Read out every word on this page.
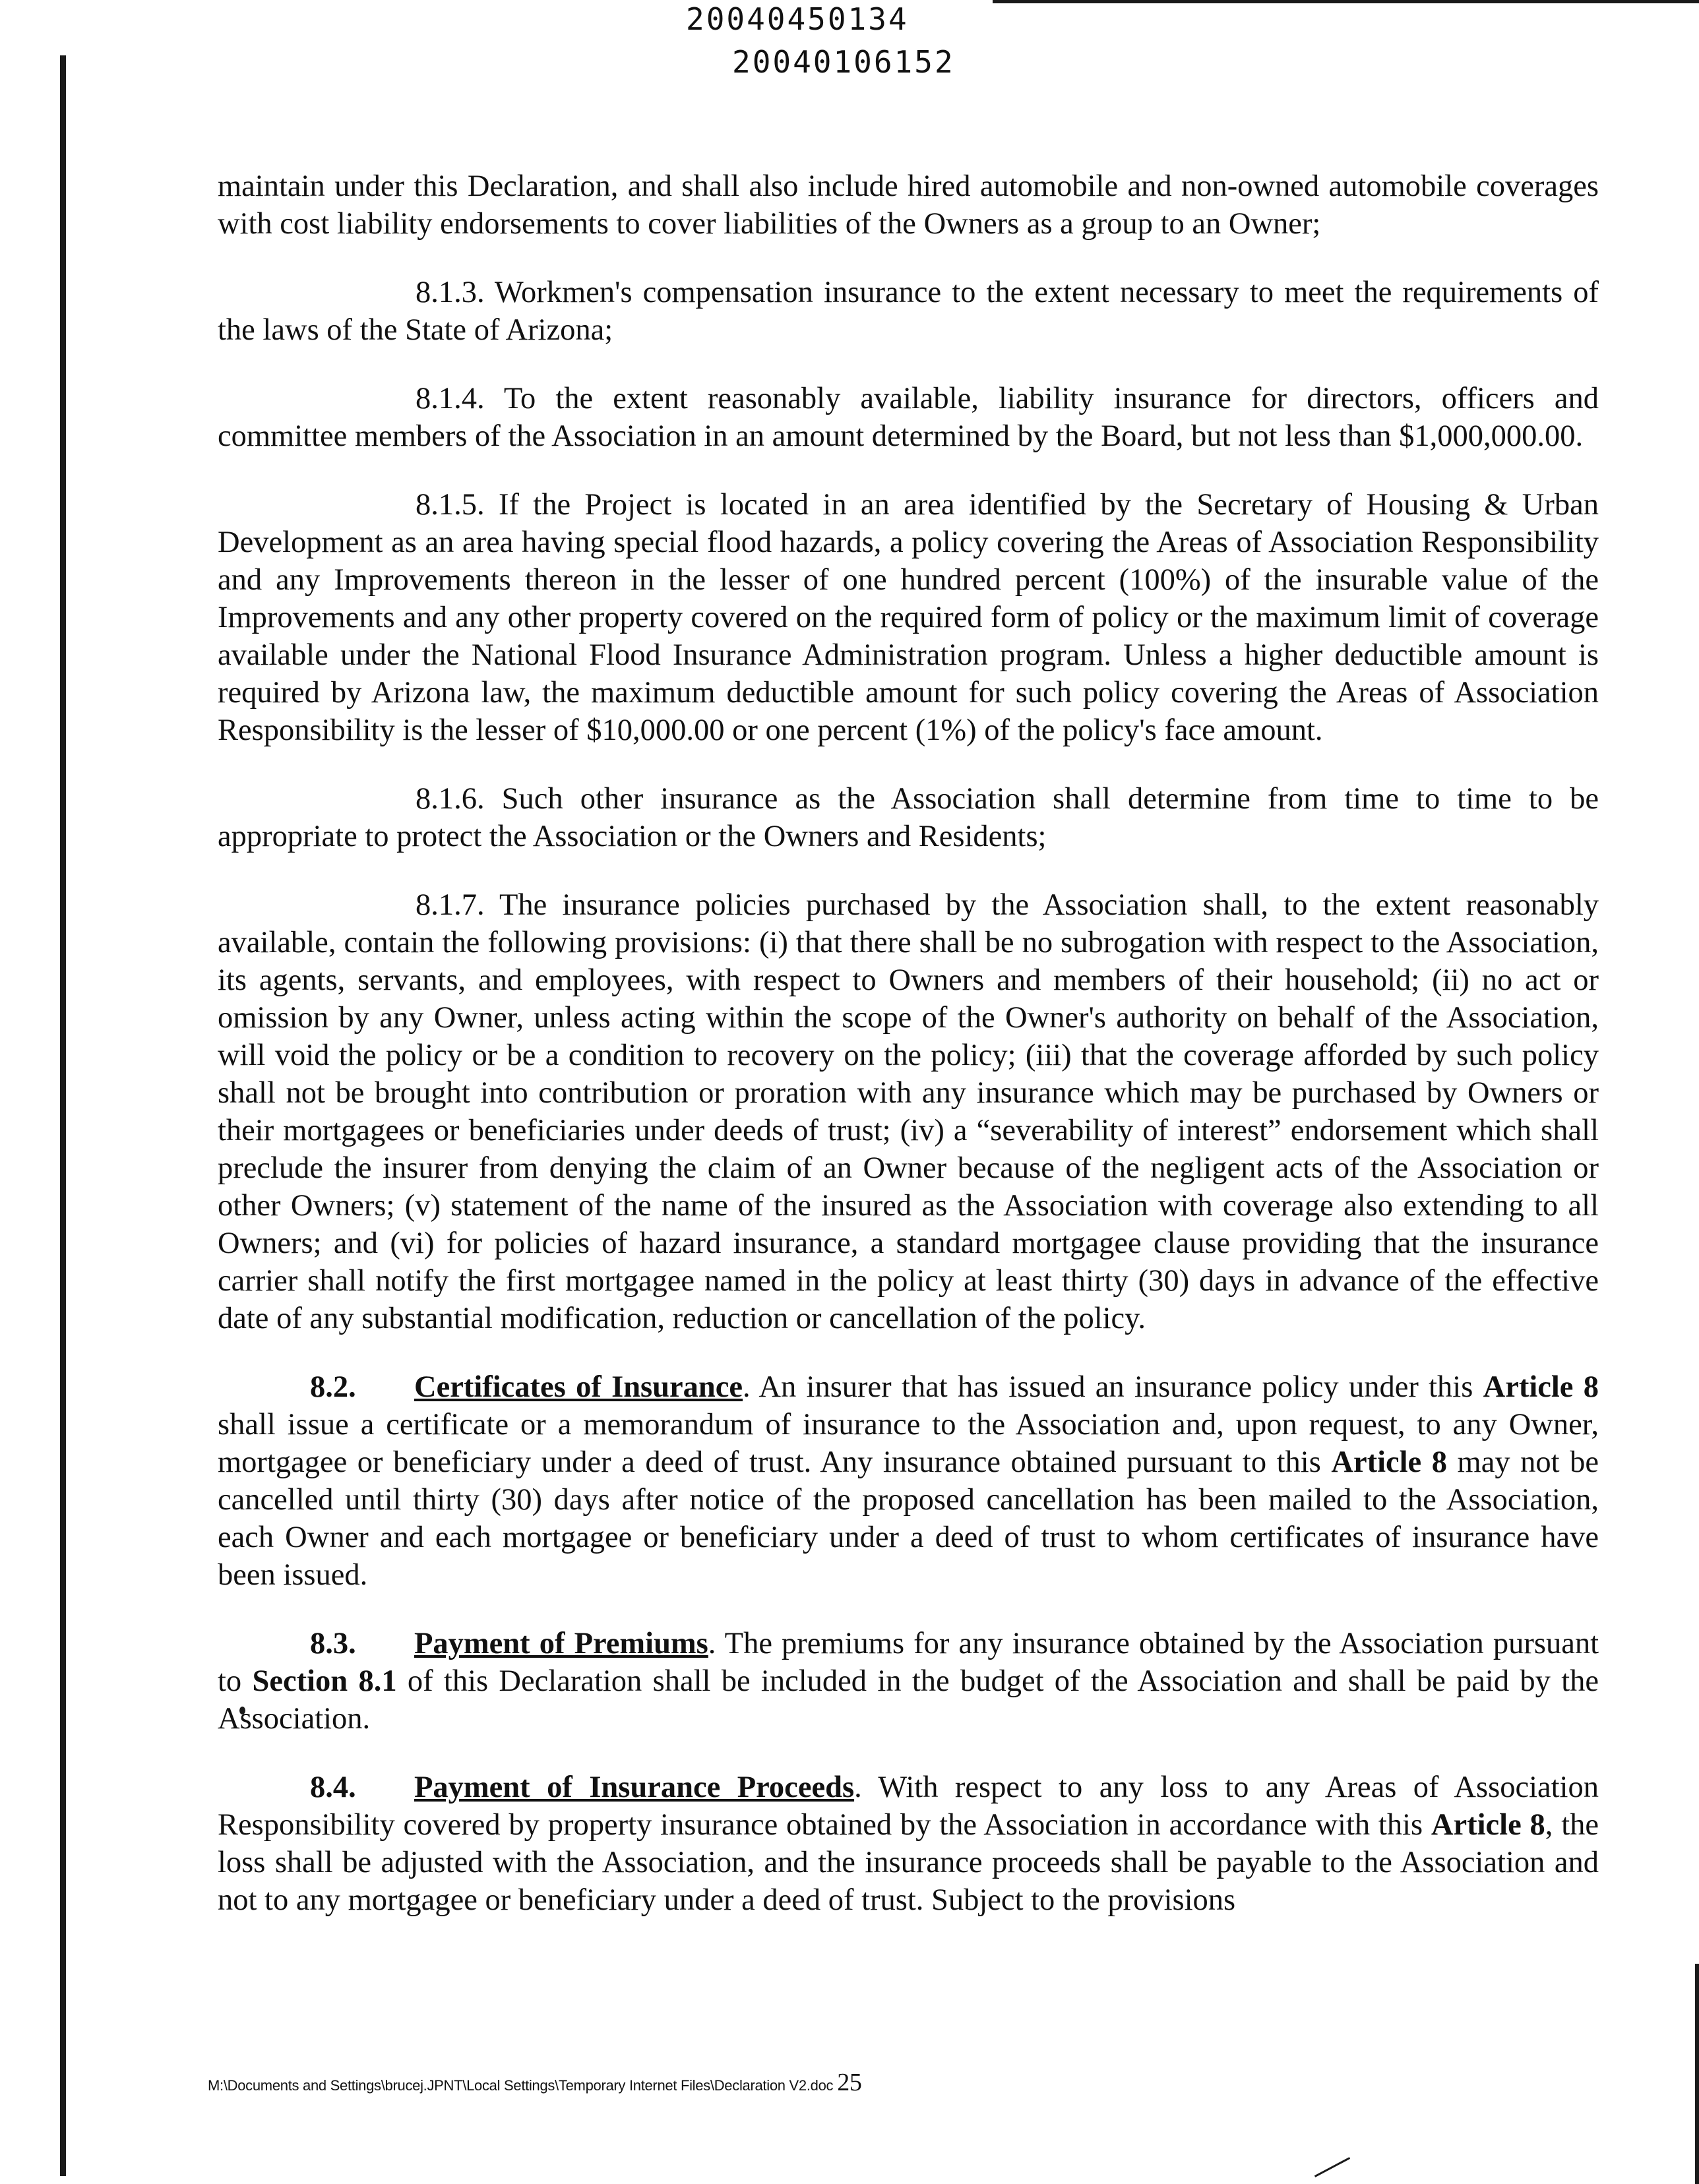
20040450134
20040106152

maintain under this Declaration, and shall also include hired automobile and non-owned automobile coverages with cost liability endorsements to cover liabilities of the Owners as a group to an Owner;

8.1.3. Workmen's compensation insurance to the extent necessary to meet the requirements of the laws of the State of Arizona;

8.1.4. To the extent reasonably available, liability insurance for directors, officers and committee members of the Association in an amount determined by the Board, but not less than $1,000,000.00.

8.1.5. If the Project is located in an area identified by the Secretary of Housing & Urban Development as an area having special flood hazards, a policy covering the Areas of Association Responsibility and any Improvements thereon in the lesser of one hundred percent (100%) of the insurable value of the Improvements and any other property covered on the required form of policy or the maximum limit of coverage available under the National Flood Insurance Administration program. Unless a higher deductible amount is required by Arizona law, the maximum deductible amount for such policy covering the Areas of Association Responsibility is the lesser of $10,000.00 or one percent (1%) of the policy's face amount.

8.1.6. Such other insurance as the Association shall determine from time to time to be appropriate to protect the Association or the Owners and Residents;

8.1.7. The insurance policies purchased by the Association shall, to the extent reasonably available, contain the following provisions: (i) that there shall be no subrogation with respect to the Association, its agents, servants, and employees, with respect to Owners and members of their household; (ii) no act or omission by any Owner, unless acting within the scope of the Owner's authority on behalf of the Association, will void the policy or be a condition to recovery on the policy; (iii) that the coverage afforded by such policy shall not be brought into contribution or proration with any insurance which may be purchased by Owners or their mortgagees or beneficiaries under deeds of trust; (iv) a “severability of interest” endorsement which shall preclude the insurer from denying the claim of an Owner because of the negligent acts of the Association or other Owners; (v) statement of the name of the insured as the Association with coverage also extending to all Owners; and (vi) for policies of hazard insurance, a standard mortgagee clause providing that the insurance carrier shall notify the first mortgagee named in the policy at least thirty (30) days in advance of the effective date of any substantial modification, reduction or cancellation of the policy.

8.2. Certificates of Insurance. An insurer that has issued an insurance policy under this Article 8 shall issue a certificate or a memorandum of insurance to the Association and, upon request, to any Owner, mortgagee or beneficiary under a deed of trust. Any insurance obtained pursuant to this Article 8 may not be cancelled until thirty (30) days after notice of the proposed cancellation has been mailed to the Association, each Owner and each mortgagee or beneficiary under a deed of trust to whom certificates of insurance have been issued.

8.3. Payment of Premiums. The premiums for any insurance obtained by the Association pursuant to Section 8.1 of this Declaration shall be included in the budget of the Association and shall be paid by the Association.

8.4. Payment of Insurance Proceeds. With respect to any loss to any Areas of Association Responsibility covered by property insurance obtained by the Association in accordance with this Article 8, the loss shall be adjusted with the Association, and the insurance proceeds shall be payable to the Association and not to any mortgagee or beneficiary under a deed of trust. Subject to the provisions

M:\Documents and Settings\brucej.JPNT\Local Settings\Temporary Internet Files\Declaration V2.doc 25
